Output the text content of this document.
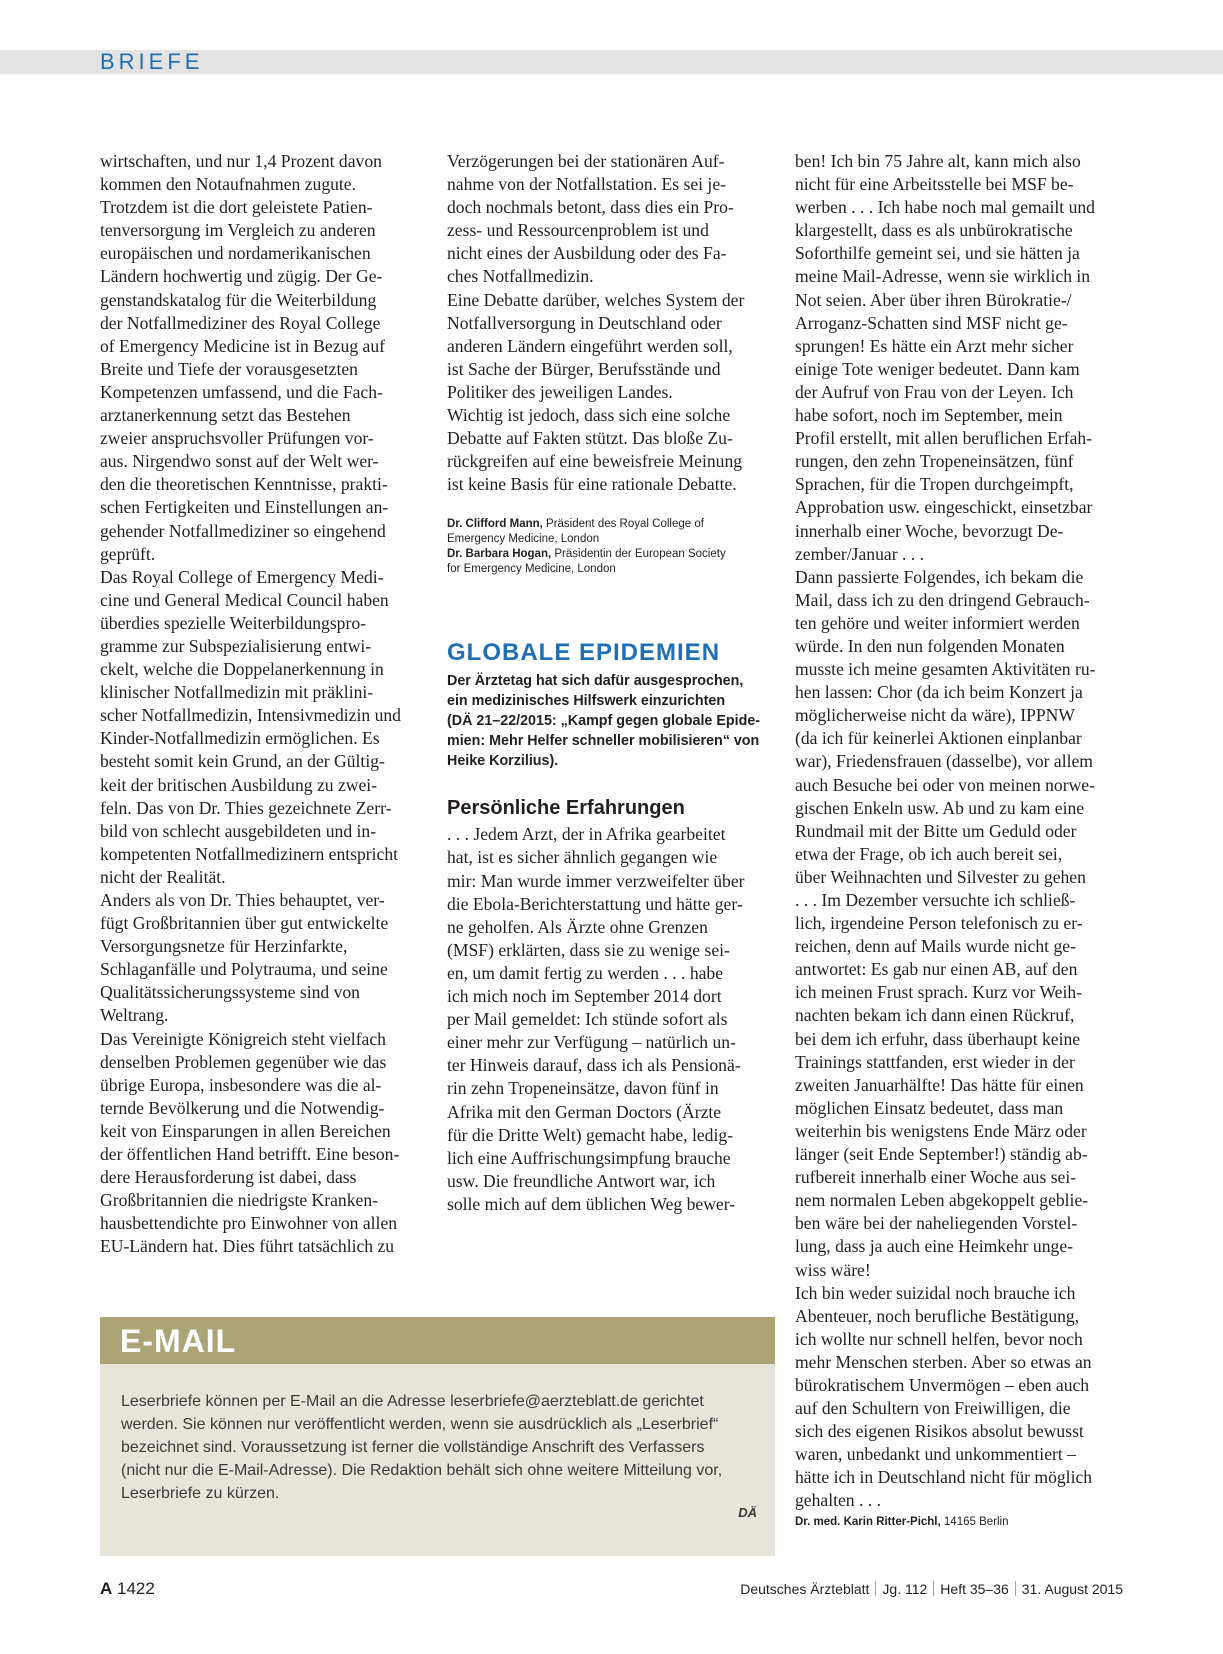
BRIEFE

wirtschaften, und nur 1,4 Prozent davon

kommen den Notaufnahmen zugute.

Trotzdem ist die dort geleistete Patien-

tenversorgung im Vergleich zu anderen

europäischen und nordamerikanischen

Ländern hochwertig und zügig. Der Ge-

genstandskatalog für die Weiterbildung

der Notfallmediziner des Royal College

of Emergency Medicine ist in Bezug auf

Breite und Tiefe der vorausgesetzten

Kompetenzen umfassend, und die Fach-

arztanerkennung setzt das Bestehen

zweier anspruchsvoller Prüfungen vor-

aus. Nirgendwo sonst auf der Welt wer-

den die theoretischen Kenntnisse, prakti-

schen Fertigkeiten und Einstellungen an-

gehender Notfallmediziner so eingehend

geprüft.

Das Royal College of Emergency Medi-

cine und General Medical Council haben

überdies spezielle Weiterbildungspro-

gramme zur Subspezialisierung entwi-

ckelt, welche die Doppelanerkennung in

klinischer Notfallmedizin mit präklini-

scher Notfallmedizin, Intensivmedizin und

Kinder-Notfallmedizin ermöglichen. Es

besteht somit kein Grund, an der Gültig-

keit der britischen Ausbildung zu zwei-

feln. Das von Dr. Thies gezeichnete Zerr-

bild von schlecht ausgebildeten und in-

kompetenten Notfallmedizinern entspricht

nicht der Realität.

Anders als von Dr. Thies behauptet, ver-

fügt Großbritannien über gut entwickelte

Versorgungsnetze für Herzinfarkte,

Schlaganfälle und Polytrauma, und seine

Qualitätssicherungssysteme sind von

Weltrang.

Das Vereinigte Königreich steht vielfach

denselben Problemen gegenüber wie das

übrige Europa, insbesondere was die al-

ternde Bevölkerung und die Notwendig-

keit von Einsparungen in allen Bereichen

der öffentlichen Hand betrifft. Eine beson-

dere Herausforderung ist dabei, dass

Großbritannien die niedrigste Kranken-

hausbettendichte pro Einwohner von allen

EU-Ländern hat. Dies führt tatsächlich zu

Verzögerungen bei der stationären Auf-

nahme von der Notfallstation. Es sei je-

doch nochmals betont, dass dies ein Pro-

zess- und Ressourcenproblem ist und

nicht eines der Ausbildung oder des Fa-

ches Notfallmedizin.

Eine Debatte darüber, welches System der

Notfallversorgung in Deutschland oder

anderen Ländern eingeführt werden soll,

ist Sache der Bürger, Berufsstände und

Politiker des jeweiligen Landes.

Wichtig ist jedoch, dass sich eine solche

Debatte auf Fakten stützt. Das bloße Zu-

rückgreifen auf eine beweisfreie Meinung

ist keine Basis für eine rationale Debatte.

Dr. Clifford Mann, Präsident des Royal College of
Emergency Medicine, London
Dr. Barbara Hogan, Präsidentin der European Society
for Emergency Medicine, London
GLOBALE EPIDEMIEN
Der Ärztetag hat sich dafür ausgesprochen,
ein medizinisches Hilfswerk einzurichten
(DÄ 21–22/2015: „Kampf gegen globale Epide-
mien: Mehr Helfer schneller mobilisieren“ von
Heike Korzilius).
Persönliche Erfahrungen

. . . Jedem Arzt, der in Afrika gearbeitet

hat, ist es sicher ähnlich gegangen wie

mir: Man wurde immer verzweifelter über

die Ebola-Berichterstattung und hätte ger-

ne geholfen. Als Ärzte ohne Grenzen

(MSF) erklärten, dass sie zu wenige sei-

en, um damit fertig zu werden . . . habe

ich mich noch im September 2014 dort

per Mail gemeldet: Ich stünde sofort als

einer mehr zur Verfügung – natürlich un-

ter Hinweis darauf, dass ich als Pensionä-

rin zehn Tropeneinsätze, davon fünf in

Afrika mit den German Doctors (Ärzte

für die Dritte Welt) gemacht habe, ledig-

lich eine Auffrischungsimpfung brauche

usw. Die freundliche Antwort war, ich

solle mich auf dem üblichen Weg bewer-

ben! Ich bin 75 Jahre alt, kann mich also

nicht für eine Arbeitsstelle bei MSF be-

werben . . . Ich habe noch mal gemailt und

klargestellt, dass es als unbürokratische

Soforthilfe gemeint sei, und sie hätten ja

meine Mail-Adresse, wenn sie wirklich in

Not seien. Aber über ihren Bürokratie-/

Arroganz-Schatten sind MSF nicht ge-

sprungen! Es hätte ein Arzt mehr sicher

einige Tote weniger bedeutet. Dann kam

der Aufruf von Frau von der Leyen. Ich

habe sofort, noch im September, mein

Profil erstellt, mit allen beruflichen Erfah-

rungen, den zehn Tropeneinsätzen, fünf

Sprachen, für die Tropen durchgeimpft,

Approbation usw. eingeschickt, einsetzbar

innerhalb einer Woche, bevorzugt De-

zember/Januar . . .

Dann passierte Folgendes, ich bekam die

Mail, dass ich zu den dringend Gebrauch-

ten gehöre und weiter informiert werden

würde. In den nun folgenden Monaten

musste ich meine gesamten Aktivitäten ru-

hen lassen: Chor (da ich beim Konzert ja

möglicherweise nicht da wäre), IPPNW

(da ich für keinerlei Aktionen einplanbar

war), Friedensfrauen (dasselbe), vor allem

auch Besuche bei oder von meinen norwe-

gischen Enkeln usw. Ab und zu kam eine

Rundmail mit der Bitte um Geduld oder

etwa der Frage, ob ich auch bereit sei,

über Weihnachten und Silvester zu gehen

. . . Im Dezember versuchte ich schließ-

lich, irgendeine Person telefonisch zu er-

reichen, denn auf Mails wurde nicht ge-

antwortet: Es gab nur einen AB, auf den

ich meinen Frust sprach. Kurz vor Weih-

nachten bekam ich dann einen Rückruf,

bei dem ich erfuhr, dass überhaupt keine

Trainings stattfanden, erst wieder in der

zweiten Januarhälfte! Das hätte für einen

möglichen Einsatz bedeutet, dass man

weiterhin bis wenigstens Ende März oder

länger (seit Ende September!) ständig ab-

rufbereit innerhalb einer Woche aus sei-

nem normalen Leben abgekoppelt geblie-

ben wäre bei der naheliegenden Vorstel-

lung, dass ja auch eine Heimkehr unge-

wiss wäre!

Ich bin weder suizidal noch brauche ich

Abenteuer, noch berufliche Bestätigung,

ich wollte nur schnell helfen, bevor noch

mehr Menschen sterben. Aber so etwas an

bürokratischem Unvermögen – eben auch

auf den Schultern von Freiwilligen, die

sich des eigenen Risikos absolut bewusst

waren, unbedankt und unkommentiert –

hätte ich in Deutschland nicht für möglich

gehalten . . .

Dr. med. Karin Ritter-Pichl, 14165 Berlin
E-MAIL

Leserbriefe können per E-Mail an die Adresse leserbriefe@aerzteblatt.de gerichtet

werden. Sie können nur veröffentlicht werden, wenn sie ausdrücklich als „Leserbrief“

bezeichnet sind. Voraussetzung ist ferner die vollständige Anschrift des Verfassers

(nicht nur die E-Mail-Adresse). Die Redaktion behält sich ohne weitere Mitteilung vor,

Leserbriefe zu kürzen.

DÄ
A 1422	Deutsches Ärzteblatt Jg. 112 Heft 35–36 31. August 2015
